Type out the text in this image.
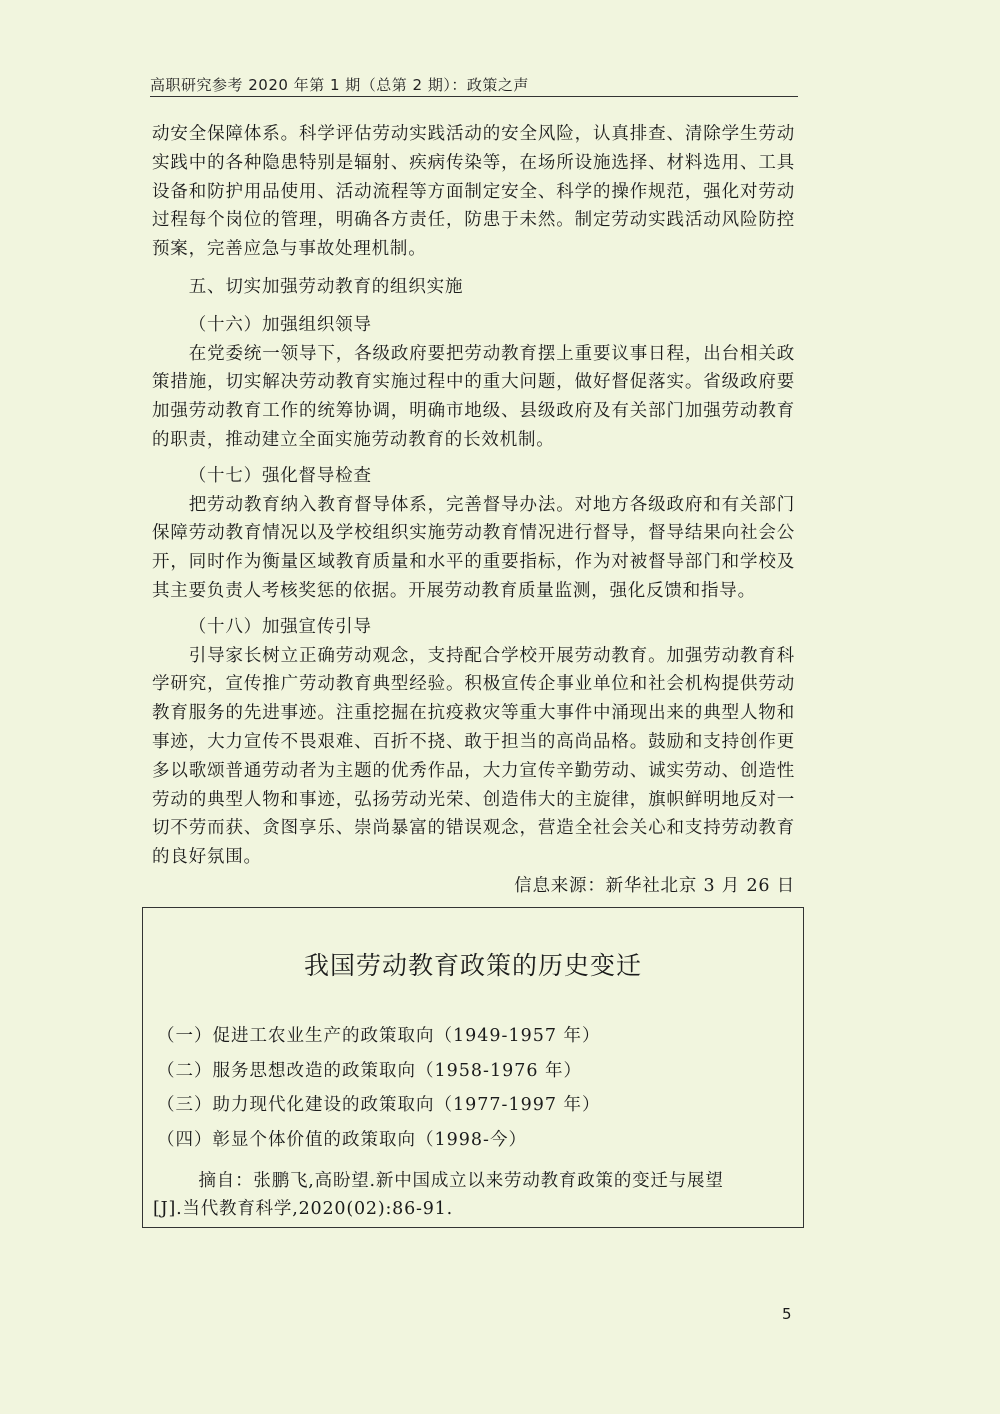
高职研究参考 2020 年第 1 期（总第 2 期）：政策之声

动安全保障体系。科学评估劳动实践活动的安全风险，认真排查、清除学生劳动实践中的各种隐患特别是辐射、疾病传染等，在场所设施选择、材料选用、工具设备和防护用品使用、活动流程等方面制定安全、科学的操作规范，强化对劳动过程每个岗位的管理，明确各方责任，防患于未然。制定劳动实践活动风险防控预案，完善应急与事故处理机制。

五、切实加强劳动教育的组织实施

（十六）加强组织领导

在党委统一领导下，各级政府要把劳动教育摆上重要议事日程，出台相关政策措施，切实解决劳动教育实施过程中的重大问题，做好督促落实。省级政府要加强劳动教育工作的统筹协调，明确市地级、县级政府及有关部门加强劳动教育的职责，推动建立全面实施劳动教育的长效机制。

（十七）强化督导检查

把劳动教育纳入教育督导体系，完善督导办法。对地方各级政府和有关部门保障劳动教育情况以及学校组织实施劳动教育情况进行督导，督导结果向社会公开，同时作为衡量区域教育质量和水平的重要指标，作为对被督导部门和学校及其主要负责人考核奖惩的依据。开展劳动教育质量监测，强化反馈和指导。

（十八）加强宣传引导

引导家长树立正确劳动观念，支持配合学校开展劳动教育。加强劳动教育科学研究，宣传推广劳动教育典型经验。积极宣传企事业单位和社会机构提供劳动教育服务的先进事迹。注重挖掘在抗疫救灾等重大事件中涌现出来的典型人物和事迹，大力宣传不畏艰难、百折不挠、敢于担当的高尚品格。鼓励和支持创作更多以歌颂普通劳动者为主题的优秀作品，大力宣传辛勤劳动、诚实劳动、创造性劳动的典型人物和事迹，弘扬劳动光荣、创造伟大的主旋律，旗帜鲜明地反对一切不劳而获、贪图享乐、崇尚暴富的错误观念，营造全社会关心和支持劳动教育的良好氛围。

信息来源：新华社北京 3 月 26 日

我国劳动教育政策的历史变迁
（一）促进工农业生产的政策取向（1949-1957 年）
（二）服务思想改造的政策取向（1958-1976 年）
（三）助力现代化建设的政策取向（1977-1997 年）
（四）彰显个体价值的政策取向（1998-今）

摘自：张鹏飞,高盼望.新中国成立以来劳动教育政策的变迁与展望

[J].当代教育科学,2020(02):86-91.

5
